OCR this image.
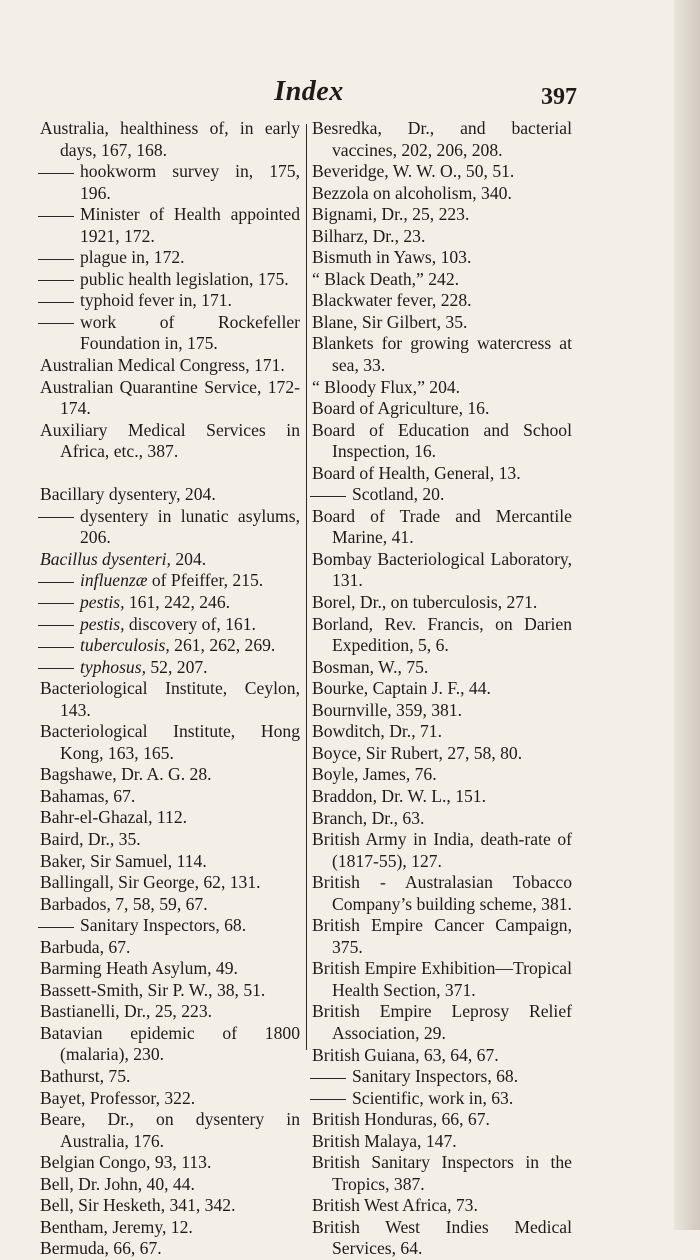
Index	397
Australia, healthiness of, in early days, 167, 168.
hookworm survey in, 175, 196.
Minister of Health appointed 1921, 172.
plague in, 172.
public health legislation, 175.
typhoid fever in, 171.
work of Rockefeller Foundation in, 175.
Australian Medical Congress, 171.
Australian Quarantine Service, 172-174.
Auxiliary Medical Services in Africa, etc., 387.
Bacillary dysentery, 204.
dysentery in lunatic asylums, 206.
Bacillus dysenteri, 204.
influenzæ of Pfeiffer, 215.
pestis, 161, 242, 246.
pestis, discovery of, 161.
tuberculosis, 261, 262, 269.
typhosus, 52, 207.
Bacteriological Institute, Ceylon, 143.
Bacteriological Institute, Hong Kong, 163, 165.
Bagshawe, Dr. A. G. 28.
Bahamas, 67.
Bahr-el-Ghazal, 112.
Baird, Dr., 35.
Baker, Sir Samuel, 114.
Ballingall, Sir George, 62, 131.
Barbados, 7, 58, 59, 67.
Sanitary Inspectors, 68.
Barbuda, 67.
Barming Heath Asylum, 49.
Bassett-Smith, Sir P. W., 38, 51.
Bastianelli, Dr., 25, 223.
Batavian epidemic of 1800 (malaria), 230.
Bathurst, 75.
Bayet, Professor, 322.
Beare, Dr., on dysentery in Australia, 176.
Belgian Congo, 93, 113.
Bell, Dr. John, 40, 44.
Bell, Sir Hesketh, 341, 342.
Bentham, Jeremy, 12.
Bermuda, 66, 67.
Besredka, Dr., and bacterial vaccines, 202, 206, 208.
Beveridge, W. W. O., 50, 51.
Bezzola on alcoholism, 340.
Bignami, Dr., 25, 223.
Bilharz, Dr., 23.
Bismuth in Yaws, 103.
“ Black Death,” 242.
Blackwater fever, 228.
Blane, Sir Gilbert, 35.
Blankets for growing watercress at sea, 33.
“ Bloody Flux,” 204.
Board of Agriculture, 16.
Board of Education and School Inspection, 16.
Board of Health, General, 13.
Scotland, 20.
Board of Trade and Mercantile Marine, 41.
Bombay Bacteriological Laboratory, 131.
Borel, Dr., on tuberculosis, 271.
Borland, Rev. Francis, on Darien Expedition, 5, 6.
Bosman, W., 75.
Bourke, Captain J. F., 44.
Bournville, 359, 381.
Bowditch, Dr., 71.
Boyce, Sir Rubert, 27, 58, 80.
Boyle, James, 76.
Braddon, Dr. W. L., 151.
Branch, Dr., 63.
British Army in India, death-rate of (1817-55), 127.
British - Australasian Tobacco Company’s building scheme, 381.
British Empire Cancer Campaign, 375.
British Empire Exhibition—Tropical Health Section, 371.
British Empire Leprosy Relief Association, 29.
British Guiana, 63, 64, 67.
Sanitary Inspectors, 68.
Scientific, work in, 63.
British Honduras, 66, 67.
British Malaya, 147.
British Sanitary Inspectors in the Tropics, 387.
British West Africa, 73.
British West Indies Medical Services, 64.
